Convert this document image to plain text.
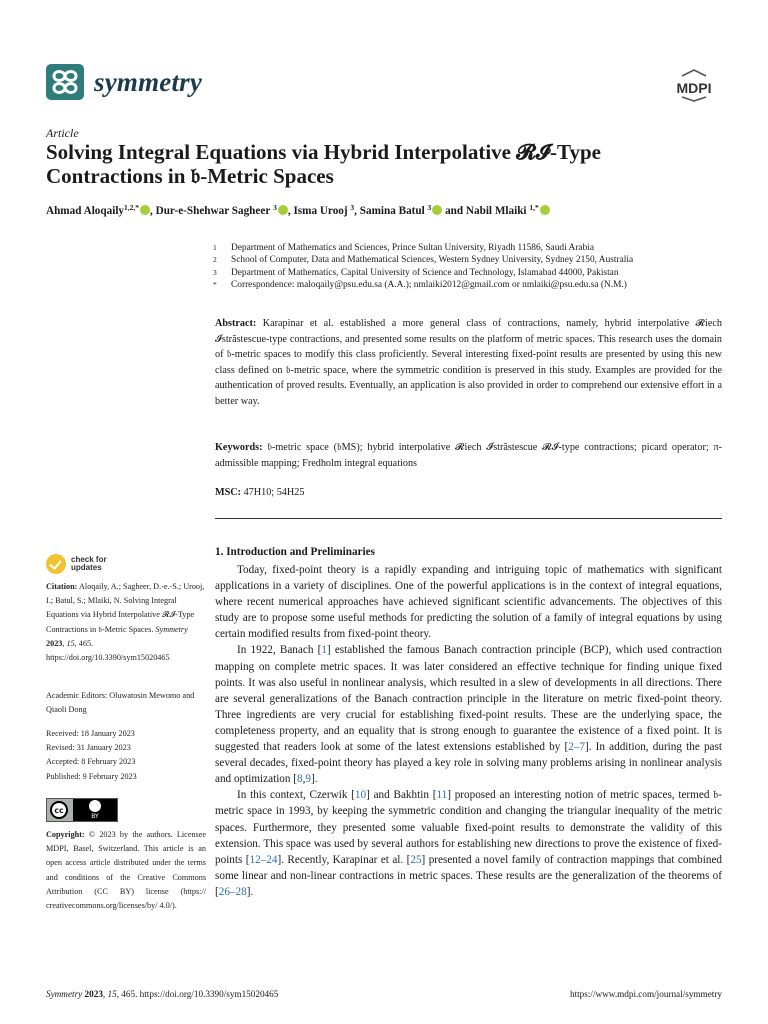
symmetry	MDPI
Article
Solving Integral Equations via Hybrid Interpolative 𝓡𝓘-Type
Contractions in 𝔟-Metric Spaces
Ahmad Aloqaily$^{1,2,*}$ , Dur-e-Shehwar Sagheer $^3$ , Isma Urooj $^3$, Samina Batul $^3$ and Nabil Mlaiki $^{1,*}$
1	Department of Mathematics and Sciences, Prince Sultan University, Riyadh 11586, Saudi Arabia
2	School of Computer, Data and Mathematical Sciences, Western Sydney University, Sydney 2150, Australia
3	Department of Mathematics, Capital University of Science and Technology, Islamabad 44000, Pakistan
*	Correspondence: maloqaily@psu.edu.sa (A.A.); nmlaiki2012@gmail.com or nmlaiki@psu.edu.sa (N.M.)
Abstract: Karapinar et al. established a more general class of contractions, namely, hybrid interpolative 𝓡iech 𝓘străstescue-type contractions, and presented some results on the platform of metric spaces. This research uses the domain of 𝔟-metric spaces to modify this class proficiently. Several interesting fixed-point results are presented by using this new class defined on 𝔟-metric space, where the symmetric condition is preserved in this study. Examples are provided for the authentication of proved results. Eventually, an application is also provided in order to comprehend our extensive effort in a better way.
Keywords: 𝔟-metric space (𝔟MS); hybrid interpolative 𝓡iech 𝓘străstescue 𝓡𝓘-type contractions; picard operator; π-admissible mapping; Fredholm integral equations
MSC: 47H10; 54H25
check for
updates
Citation: Aloqaily, A.; Sagheer, D.-e.-S.; Urooj, I.; Batul, S.; Mlaiki, N. Solving Integral Equations via Hybrid Interpolative 𝓡𝓘-Type Contractions in 𝔟-Metric Spaces. Symmetry 2023, 15, 465. https://doi.org/10.3390/sym15020465
Academic Editors: Oluwatosin Mewomo and Qiaoli Dong
Received: 18 January 2023
Revised: 31 January 2023
Accepted: 8 February 2023
Published: 9 February 2023
cc
BY
Copyright: © 2023 by the authors. Licensee MDPI, Basel, Switzerland. This article is an open access article distributed under the terms and conditions of the Creative Commons Attribution (CC BY) license (https:// creativecommons.org/licenses/by/ 4.0/).
1. Introduction and Preliminaries

Today, fixed-point theory is a rapidly expanding and intriguing topic of mathematics with significant applications in a variety of disciplines. One of the powerful applications is in the context of integral equations, where recent numerical approaches have achieved significant scientific advancements. The objectives of this study are to propose some useful methods for predicting the solution of a family of integral equations by using certain modified results from fixed-point theory.

In 1922, Banach [1] established the famous Banach contraction principle (BCP), which used contraction mapping on complete metric spaces. It was later considered an effective technique for finding unique fixed points. It was also useful in nonlinear analysis, which resulted in a slew of developments in all directions. There are several generalizations of the Banach contraction principle in the literature on metric fixed-point theory. Three ingredients are very crucial for establishing fixed-point results. These are the underlying space, the completeness property, and an equality that is strong enough to guarantee the existence of a fixed point. It is suggested that readers look at some of the latest extensions established by [2–7]. In addition, during the past several decades, fixed-point theory has played a key role in solving many problems arising in nonlinear analysis and optimization [8,9].

In this context, Czerwik [10] and Bakhtin [11] proposed an interesting notion of metric spaces, termed 𝔟-metric space in 1993, by keeping the symmetric condition and changing the triangular inequality of the metric spaces. Furthermore, they presented some valuable fixed-point results to demonstrate the validity of this extension. This space was used by several authors for establishing new directions to prove the existence of fixed-points [12–24]. Recently, Karapinar et al. [25] presented a novel family of contraction mappings that combined some linear and non-linear contractions in metric spaces. These results are the generalization of the theorems of [26–28].

Symmetry 2023, 15, 465. https://doi.org/10.3390/sym15020465	https://www.mdpi.com/journal/symmetry
